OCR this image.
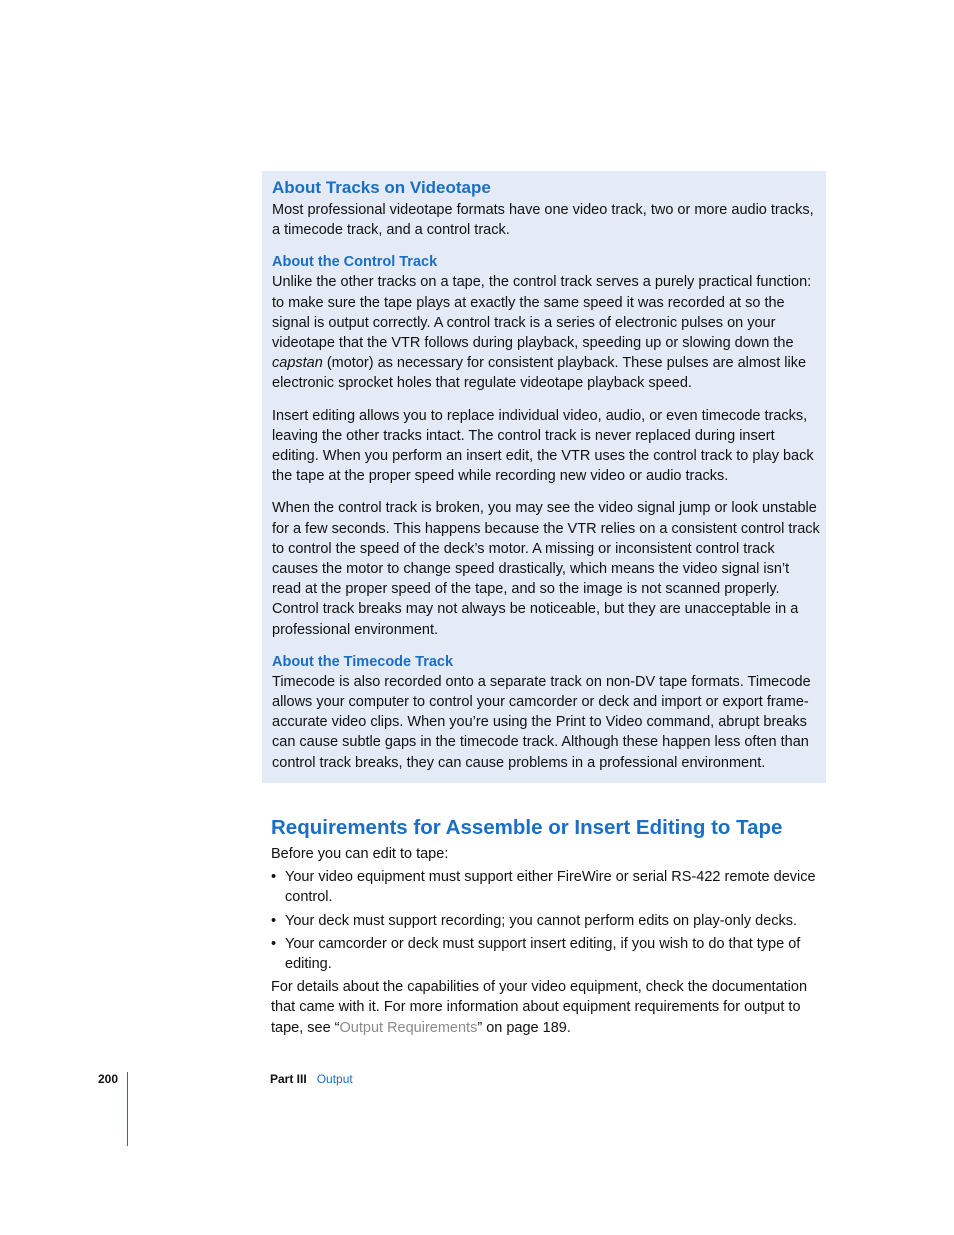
About Tracks on Videotape

Most professional videotape formats have one video track, two or more audio tracks, a timecode track, and a control track.

About the Control Track

Unlike the other tracks on a tape, the control track serves a purely practical function: to make sure the tape plays at exactly the same speed it was recorded at so the signal is output correctly. A control track is a series of electronic pulses on your videotape that the VTR follows during playback, speeding up or slowing down the capstan (motor) as necessary for consistent playback. These pulses are almost like electronic sprocket holes that regulate videotape playback speed.

Insert editing allows you to replace individual video, audio, or even timecode tracks, leaving the other tracks intact. The control track is never replaced during insert editing. When you perform an insert edit, the VTR uses the control track to play back the tape at the proper speed while recording new video or audio tracks.

When the control track is broken, you may see the video signal jump or look unstable for a few seconds. This happens because the VTR relies on a consistent control track to control the speed of the deck’s motor. A missing or inconsistent control track causes the motor to change speed drastically, which means the video signal isn’t read at the proper speed of the tape, and so the image is not scanned properly. Control track breaks may not always be noticeable, but they are unacceptable in a professional environment.

About the Timecode Track

Timecode is also recorded onto a separate track on non-DV tape formats. Timecode allows your computer to control your camcorder or deck and import or export frame-accurate video clips. When you’re using the Print to Video command, abrupt breaks can cause subtle gaps in the timecode track. Although these happen less often than control track breaks, they can cause problems in a professional environment.

Requirements for Assemble or Insert Editing to Tape

Before you can edit to tape:

• Your video equipment must support either FireWire or serial RS-422 remote device control.
• Your deck must support recording; you cannot perform edits on play-only decks.
• Your camcorder or deck must support insert editing, if you wish to do that type of editing.

For details about the capabilities of your video equipment, check the documentation that came with it. For more information about equipment requirements for output to tape, see “Output Requirements” on page 189.

200	Part III Output
